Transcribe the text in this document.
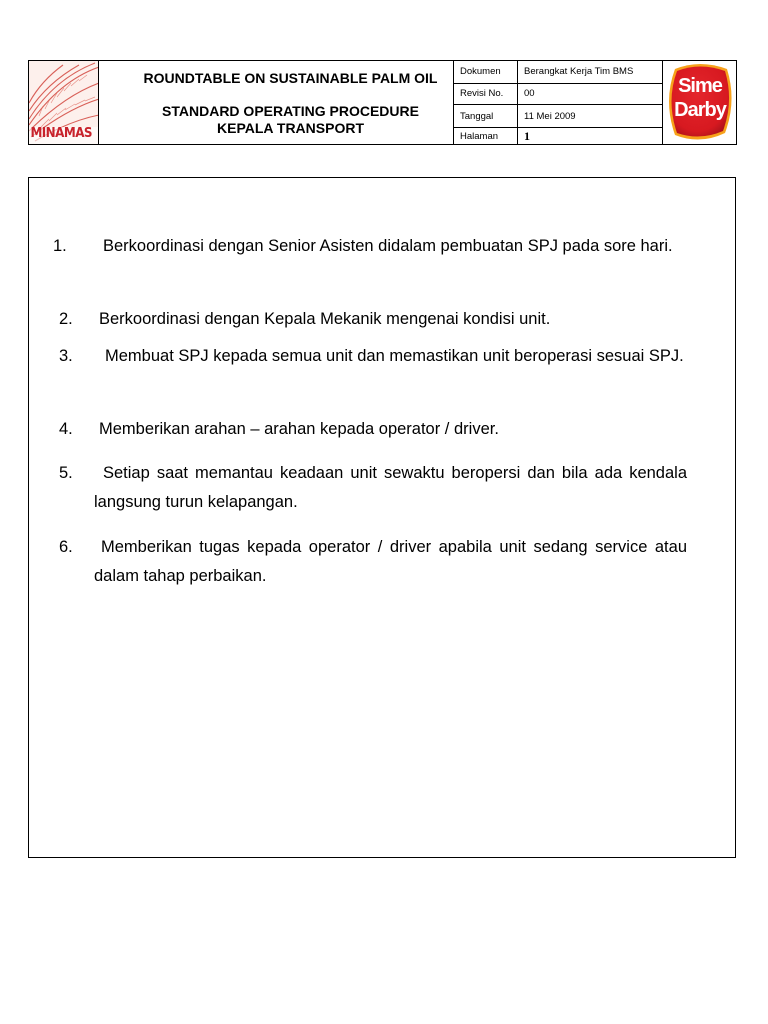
MINAMAS
ROUNDTABLE ON SUSTAINABLE PALM OIL
STANDARD OPERATING PROCEDURE
KEPALA TRANSPORT
Dokumen Berangkat Kerja Tim BMS
Revisi No. 00
Tanggal	11 Mei 2009
Halaman 1
Sime
Darby
1.	Berkoordinasi dengan Senior Asisten didalam pembuatan SPJ pada sore hari.
2.	Berkoordinasi dengan Kepala Mekanik mengenai kondisi unit.
3.	Membuat SPJ kepada semua unit dan memastikan unit beroperasi sesuai SPJ.
4.	Memberikan arahan – arahan kepada operator / driver.
5.	Setiap saat memantau keadaan unit sewaktu beropersi dan bila ada kendala langsung turun kelapangan.
6.	Memberikan tugas kepada operator / driver apabila unit sedang service atau dalam tahap perbaikan.
